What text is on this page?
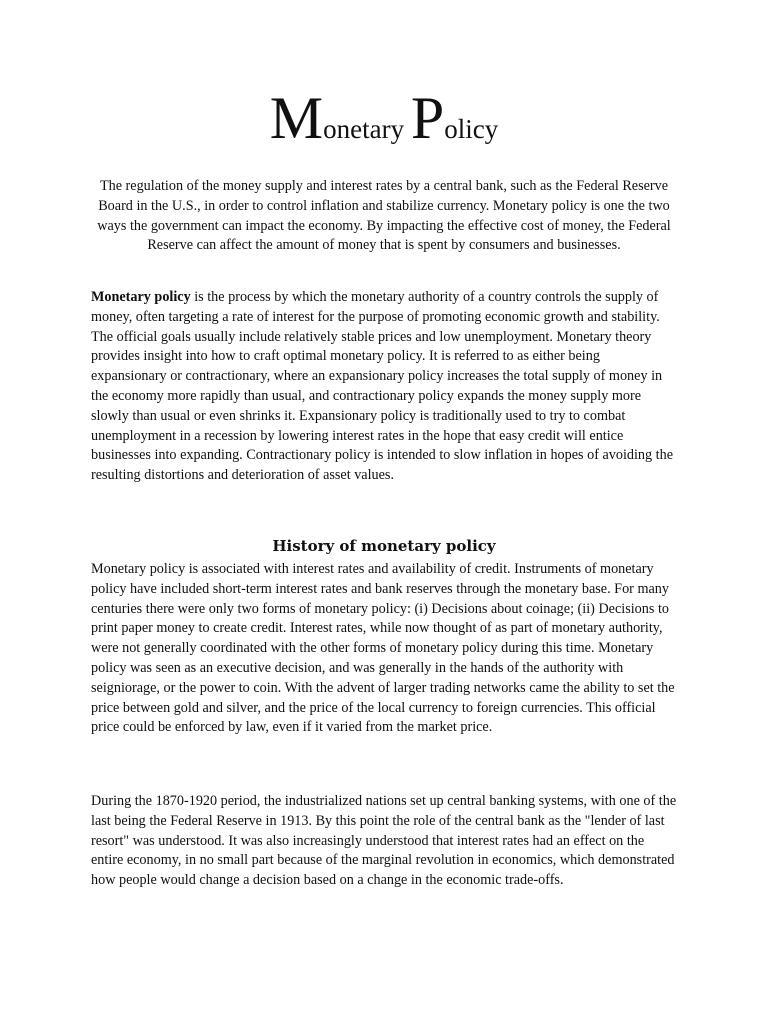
Monetary Policy

The regulation of the money supply and interest rates by a central bank, such as the Federal Reserve Board in the U.S., in order to control inflation and stabilize currency. Monetary policy is one the two ways the government can impact the economy. By impacting the effective cost of money, the Federal Reserve can affect the amount of money that is spent by consumers and businesses.

Monetary policy is the process by which the monetary authority of a country controls the supply of money, often targeting a rate of interest for the purpose of promoting economic growth and stability. The official goals usually include relatively stable prices and low unemployment. Monetary theory provides insight into how to craft optimal monetary policy. It is referred to as either being expansionary or contractionary, where an expansionary policy increases the total supply of money in the economy more rapidly than usual, and contractionary policy expands the money supply more slowly than usual or even shrinks it. Expansionary policy is traditionally used to try to combat unemployment in a recession by lowering interest rates in the hope that easy credit will entice businesses into expanding. Contractionary policy is intended to slow inflation in hopes of avoiding the resulting distortions and deterioration of asset values.

History of monetary policy

Monetary policy is associated with interest rates and availability of credit. Instruments of monetary policy have included short-term interest rates and bank reserves through the monetary base. For many centuries there were only two forms of monetary policy: (i) Decisions about coinage; (ii) Decisions to print paper money to create credit. Interest rates, while now thought of as part of monetary authority, were not generally coordinated with the other forms of monetary policy during this time. Monetary policy was seen as an executive decision, and was generally in the hands of the authority with seigniorage, or the power to coin. With the advent of larger trading networks came the ability to set the price between gold and silver, and the price of the local currency to foreign currencies. This official price could be enforced by law, even if it varied from the market price.

During the 1870-1920 period, the industrialized nations set up central banking systems, with one of the last being the Federal Reserve in 1913. By this point the role of the central bank as the "lender of last resort" was understood. It was also increasingly understood that interest rates had an effect on the entire economy, in no small part because of the marginal revolution in economics, which demonstrated how people would change a decision based on a change in the economic trade-offs.
